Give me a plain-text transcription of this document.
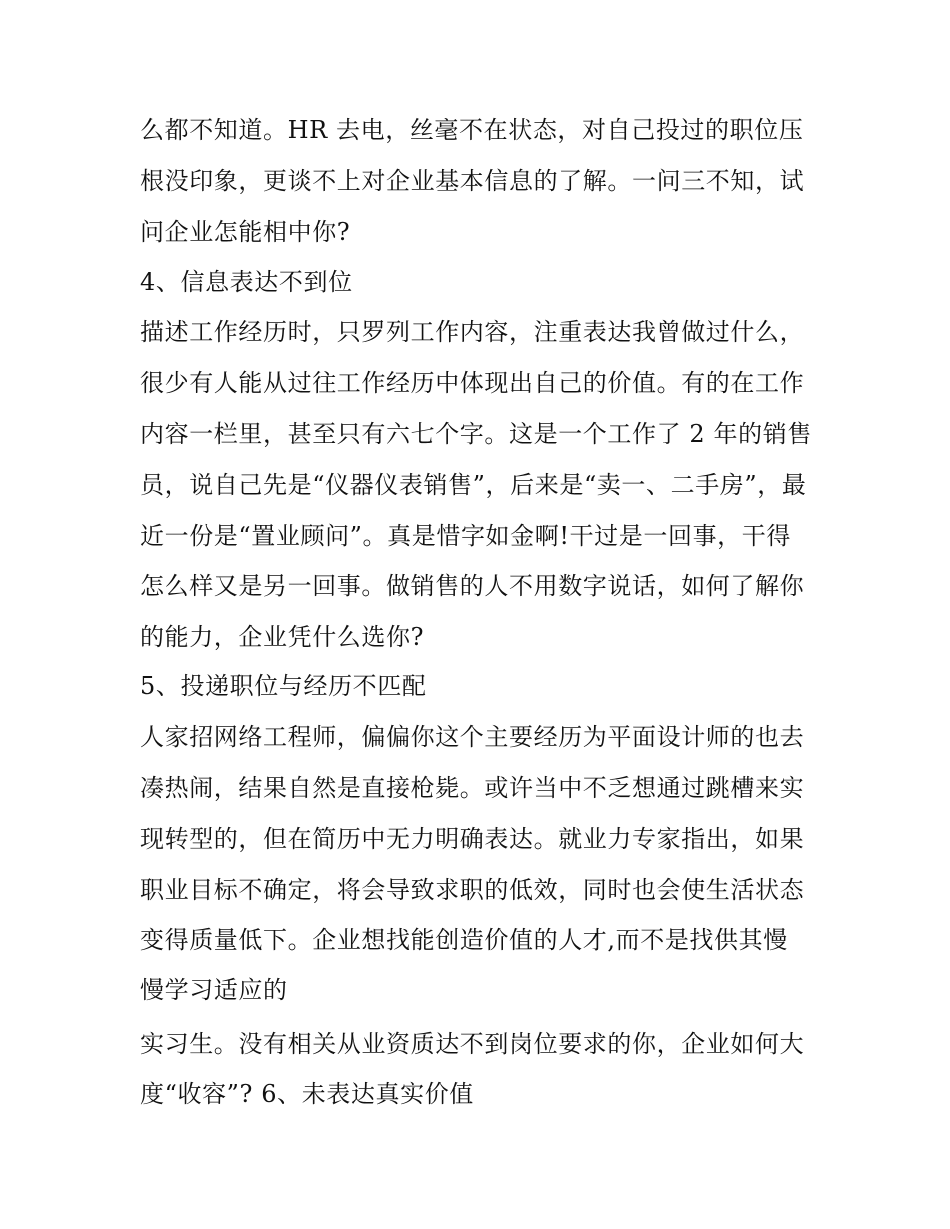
么都不知道。HR 去电，丝毫不在状态，对自己投过的职位压
根没印象，更谈不上对企业基本信息的了解。一问三不知，试
问企业怎能相中你?
4、信息表达不到位
描述工作经历时，只罗列工作内容，注重表达我曾做过什么，
很少有人能从过往工作经历中体现出自己的价值。有的在工作
内容一栏里，甚至只有六七个字。这是一个工作了 2 年的销售
员，说自己先是“仪器仪表销售”，后来是“卖一、二手房”，最
近一份是“置业顾问”。真是惜字如金啊!干过是一回事，干得
怎么样又是另一回事。做销售的人不用数字说话，如何了解你
的能力，企业凭什么选你?
5、投递职位与经历不匹配
人家招网络工程师，偏偏你这个主要经历为平面设计师的也去
凑热闹，结果自然是直接枪毙。或许当中不乏想通过跳槽来实
现转型的，但在简历中无力明确表达。就业力专家指出，如果
职业目标不确定，将会导致求职的低效，同时也会使生活状态
变得质量低下。企业想找能创造价值的人才,而不是找供其慢
慢学习适应的
实习生。没有相关从业资质达不到岗位要求的你，企业如何大
度“收容”? 6、未表达真实价值
